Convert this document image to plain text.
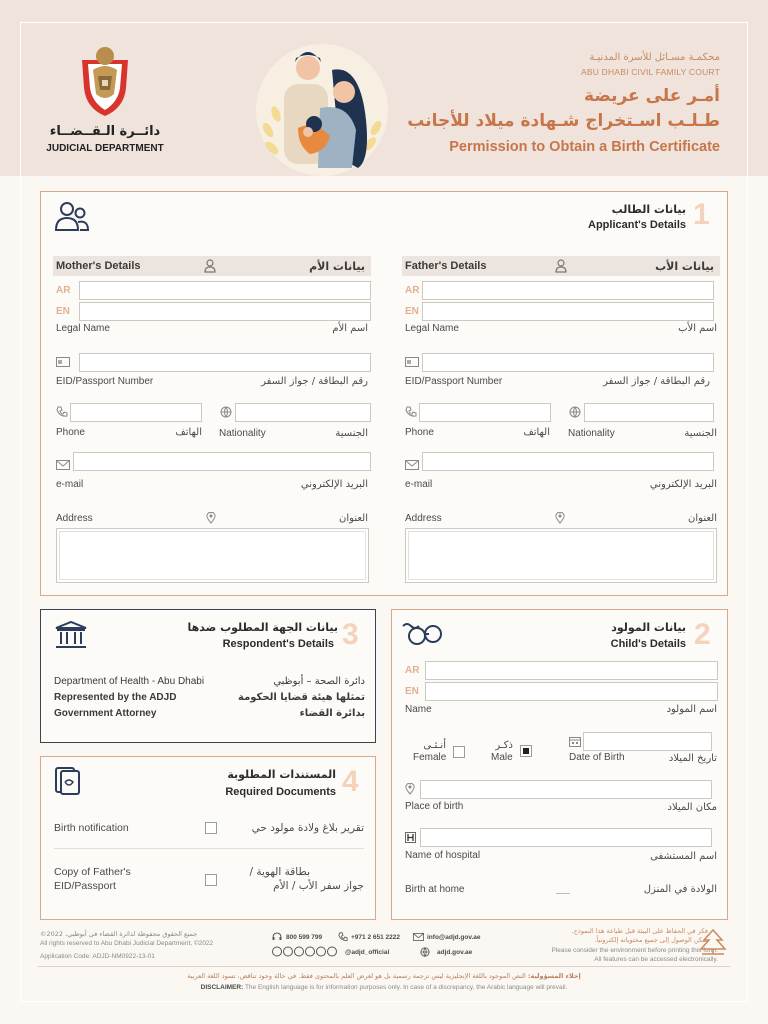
دائــرة الـقــضــاء
JUDICIAL DEPARTMENT
محكمـة مسـائل للأسرة المدنيـة
ABU DHABI CIVIL FAMILY COURT
أمـر على عريضة
طـلـب اسـتخراج شـهادة ميلاد للأجانب
Permission to Obtain a Birth Certificate
1
بيانات الطالب
Applicant's Details
Mother's Details	بيانات الأم
AR
EN
Legal Name	اسم الأم
EID/Passport Number	رقم البطاقة / جواز السفر
Phone	الهاتف Nationality	الجنسية
e-mail	البريد الإلكتروني
Address	العنوان
Father's Details	بيانات الأب
AR
EN
Legal Name	اسم الأب
EID/Passport Number	رقم البطاقة / جواز السفر
Phone	الهاتف Nationality	الجنسية
e-mail	البريد الإلكتروني
Address	العنوان
3
بيانات الجهة المطلوب ضدها
Respondent's Details
Department of Health - Abu Dhabi
Represented by the ADJD
Government Attorney
دائرة الصحة – أبوظبي
تمثلها هيئة قضايا الحكومة
بدائرة القضاء
4
المستندات المطلوبة
Required Documents
Birth notification	تقرير بلاغ ولادة مولود حي
Copy of Father's
EID/Passport
بطاقة الهوية /
جواز سفر الأب / الأم
2
بيانات المولود
Child's Details
AR
EN
Name	اسم المولود
أنـثـى
Female
ذكـر
Male	Date of Birth	تاريخ الميلاد
Place of birth	مكان الميلاد
Name of hospital	اسم المستشفى
Birth at home	الولادة في المنزل
جميع الحقوق محفوظة لدائرة القضاء في أبوظبي، 2022©
All rights reserved to Abu Dhabi Judicial Department, ©2022
Application Code: ADJD-NM0922-13-01
800 599 799	+971 2 651 2222	info@adjd.gov.ae
@adjd_official	adjd.gov.ae
فكر في الحفاظ على البيئة قبل طباعة هذا النموذج.
يمكن الوصول إلى جميع محتوياته إلكترونياً.
Please consider the environment before printing this form.
All features can be accessed electronically.
إخلاء المسؤولية: النص الموجود باللغة الإنجليزية ليس ترجمة رسمية بل هو لغرض العلم بالمحتوى فقط. في حالة وجود تناقض، تسود اللغة العربية
DISCLAIMER: The English language is for information purposes only. In case of a discrepancy, the Arabic language will prevail.
